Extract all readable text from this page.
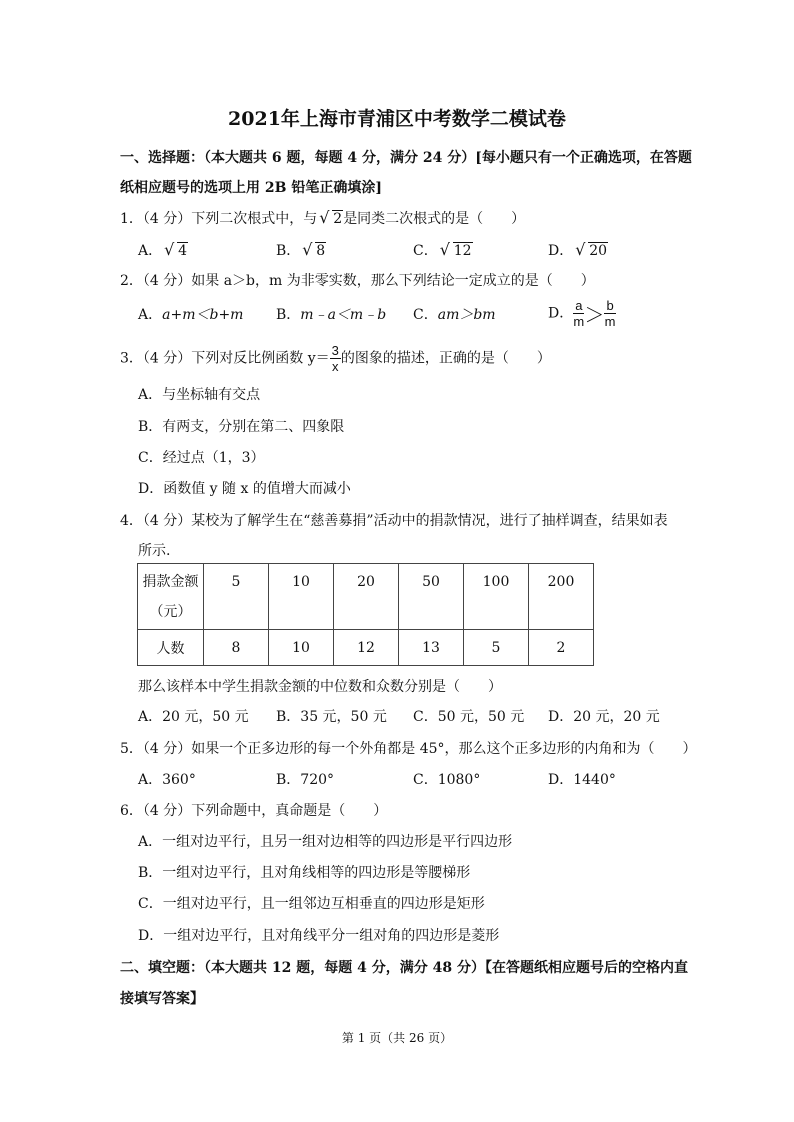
2021年上海市青浦区中考数学二模试卷
一、选择题：（本大题共 6 题，每题 4 分，满分 24 分）[每小题只有一个正确选项，在答题
纸相应题号的选项上用 2B 铅笔正确填涂]
1．（4 分）下列二次根式中，与 √ 2是同类二次根式的是（　　）
A． √ 4	B． √ 8	C． √ 12	D． √ 20
2．（4 分）如果 a＞b，m 为非零实数，那么下列结论一定成立的是（　　）
A．a+m＜b+m B．m﹣a＜m﹣b C．am＞bm	D． $\frac{a}{m} > \frac{b}{m}$
3．（4 分）下列对反比例函数 $y= \frac{3}{x}$ 的图象的描述，正确的是（　　）
A．与坐标轴有交点
B．有两支，分别在第二、四象限
C．经过点（1，3）
D．函数值 y 随 x 的值增大而减小
4．（4 分）某校为了解学生在“慈善募捐”活动中的捐款情况，进行了抽样调查，结果如表
所示.
捐款金额
（元）	5	10	20	50	100	200
人数	8	10	12	13	5	2
那么该样本中学生捐款金额的中位数和众数分别是（　　）
A．20 元，50 元 B．35 元，50 元 C．50 元，50 元 D．20 元，20 元
5．（4 分）如果一个正多边形的每一个外角都是 45°，那么这个正多边形的内角和为（　　）
A．360°	B．720°	C．1080°	D．1440°
6．（4 分）下列命题中，真命题是（　　）
A．一组对边平行，且另一组对边相等的四边形是平行四边形
B．一组对边平行，且对角线相等的四边形是等腰梯形
C．一组对边平行，且一组邻边互相垂直的四边形是矩形
D．一组对边平行，且对角线平分一组对角的四边形是菱形
二、填空题：（本大题共 12 题，每题 4 分，满分 48 分）【在答题纸相应题号后的空格内直
接填写答案】
第 1 页（共 26 页）
